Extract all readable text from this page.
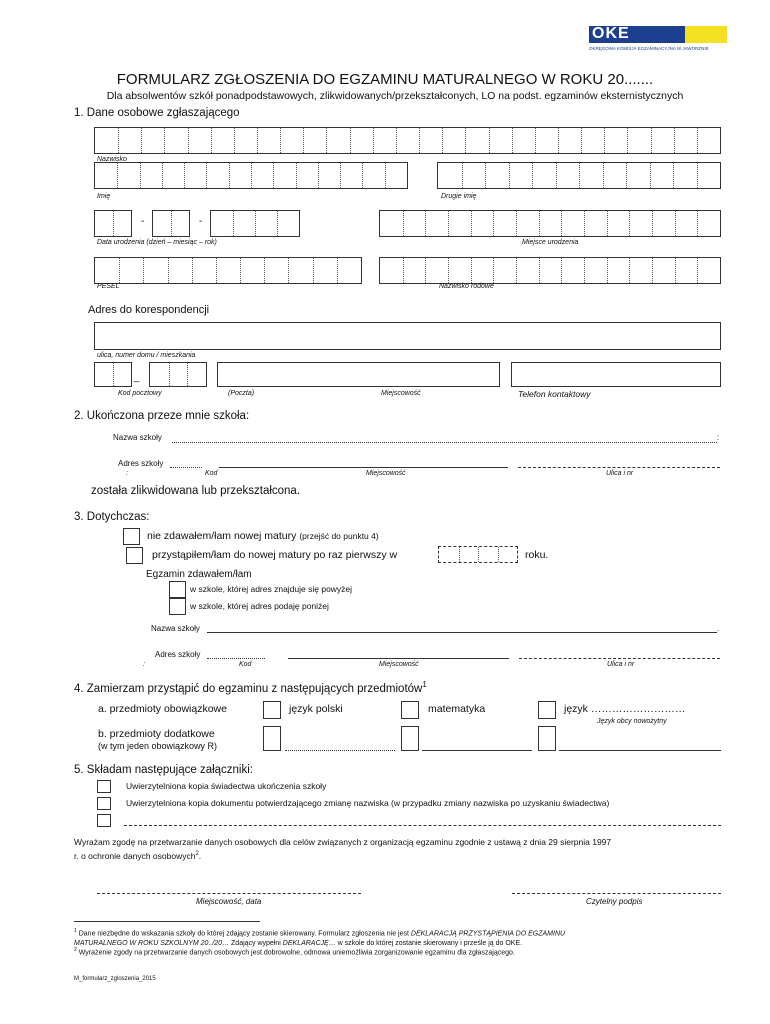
OKE
OKRĘGOWA KOMISJA EGZAMINACYJNA W JAWORZNIE
FORMULARZ ZGŁOSZENIA DO EGZAMINU MATURALNEGO W ROKU 20.......
Dla absolwentów szkół ponadpodstawowych, zlikwidowanych/przekształconych, LO na podst. egzaminów eksternistycznych
1. Dane osobowe zgłaszającego
Nazwisko
Imię	Drugie imię
-	-
Data urodzenia (dzień – miesiąc – rok)	Miejsce urodzenia
PESEL	Nazwisko rodowe
Adres do korespondencji
ulica, numer domu / mieszkania
_
Kod pocztowy	(Poczta)	Miejscowość	Telefon kontaktowy
2. Ukończona przeze mnie szkoła:
Nazwa szkoły	:
Adres szkoły
:	Kod	Miejscowość	Ulica i nr
została zlikwidowana lub przekształcona.
3. Dotychczas:
nie zdawałem/łam nowej matury (przejść do punktu 4)
przystąpiłem/łam do nowej matury po raz pierwszy w	roku.
Egzamin zdawałem/łam
w szkole, której adres znajduje się powyżej
w szkole, której adres podaję poniżej
Nazwa szkoły	.
Adres szkoły
:	Kod	Miejscowość	Ulica i nr
4. Zamierzam przystąpić do egzaminu z następujących przedmiotów$^1$
a. przedmioty obowiązkowe	język polski	matematyka	język ………………………
Język obcy nowożytny
b. przedmioty dodatkowe
(w tym jeden obowiązkowy R)
5. Składam następujące załączniki:
Uwierzytelniona kopia świadectwa ukończenia szkoły
Uwierzytelniona kopia dokumentu potwierdzającego zmianę nazwiska (w przypadku zmiany nazwiska po uzyskaniu świadectwa)
Wyrażam zgodę na przetwarzanie danych osobowych dla celów związanych z organizacją egzaminu zgodnie z ustawą z dnia 29 sierpnia 1997
r. o ochronie danych osobowych$^2$.
Miejscowość, data	Czytelny podpis
$^1$ Dane niezbędne do wskazania szkoły do której zdający zostanie skierowany. Formularz zgłoszenia nie jest DEKLARACJĄ PRZYSTĄPIENIA DO EGZAMINU
MATURALNEGO W ROKU SZKOLNYM 20../20… Zdający wypełni DEKLARACJĘ… w szkole do której zostanie skierowany i prześle ją do OKE.
$^2$ Wyrażenie zgody na przetwarzanie danych osobowych jest dobrowolne, odmowa uniemożliwia zorganizowanie egzaminu dla zgłaszającego.
M_formularz_zgloszenia_2015
